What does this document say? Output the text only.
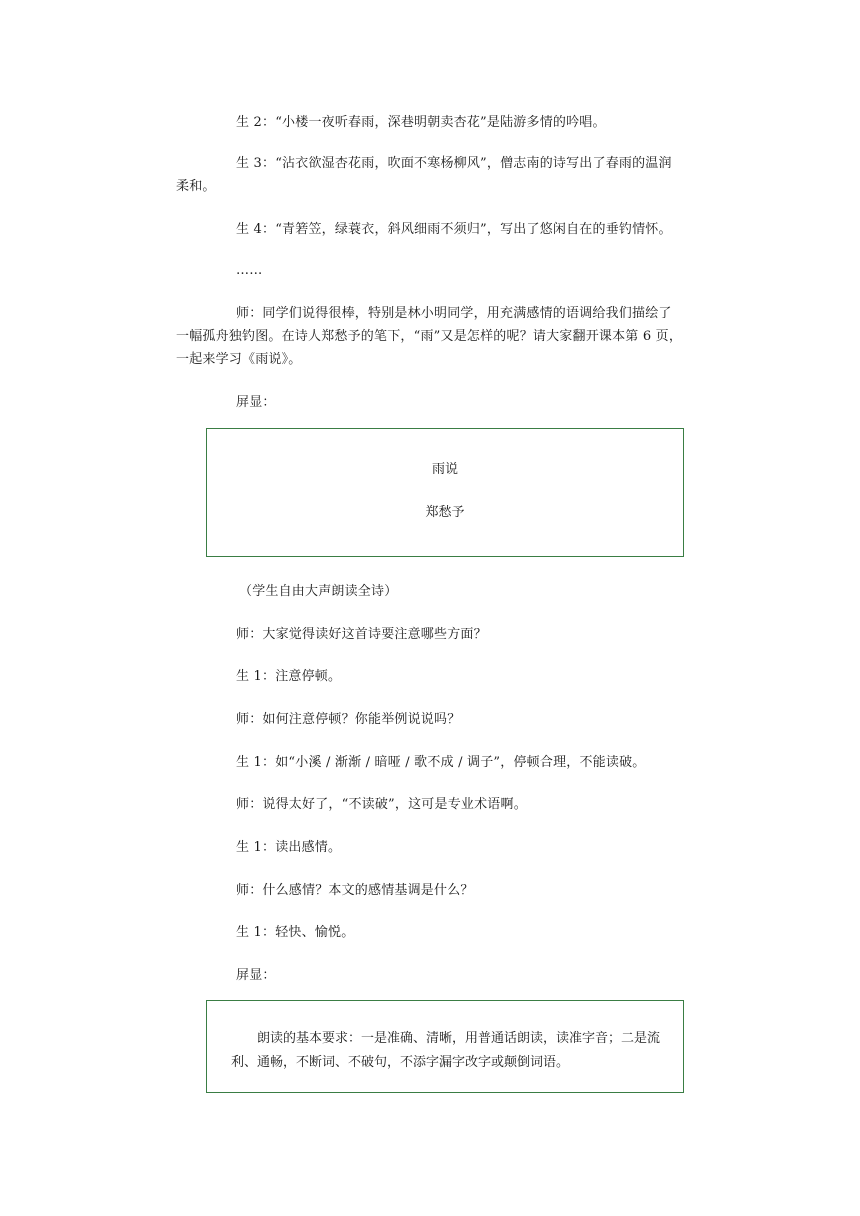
生 2：“小楼一夜听春雨，深巷明朝卖杏花”是陆游多情的吟唱。

生 3：“沾衣欲湿杏花雨，吹面不寒杨柳风”，僧志南的诗写出了春雨的温润柔和。

生 4：“青箬笠，绿蓑衣，斜风细雨不须归”，写出了悠闲自在的垂钓情怀。

……

师：同学们说得很棒，特别是林小明同学，用充满感情的语调给我们描绘了一幅孤舟独钓图。在诗人郑愁予的笔下，“雨”又是怎样的呢？请大家翻开课本第 6 页，一起来学习《雨说》。

屏显：

雨说
郑愁予

（学生自由大声朗读全诗）

师：大家觉得读好这首诗要注意哪些方面？

生 1：注意停顿。

师：如何注意停顿？你能举例说说吗？

生 1：如“小溪 / 渐渐 / 暗哑 / 歌不成 / 调子”，停顿合理，不能读破。

师：说得太好了，“不读破”，这可是专业术语啊。

生 1：读出感情。

师：什么感情？本文的感情基调是什么？

生 1：轻快、愉悦。

屏显：

朗读的基本要求：一是准确、清晰，用普通话朗读，读准字音；二是流利、通畅，不断词、不破句，不添字漏字改字或颠倒词语。
